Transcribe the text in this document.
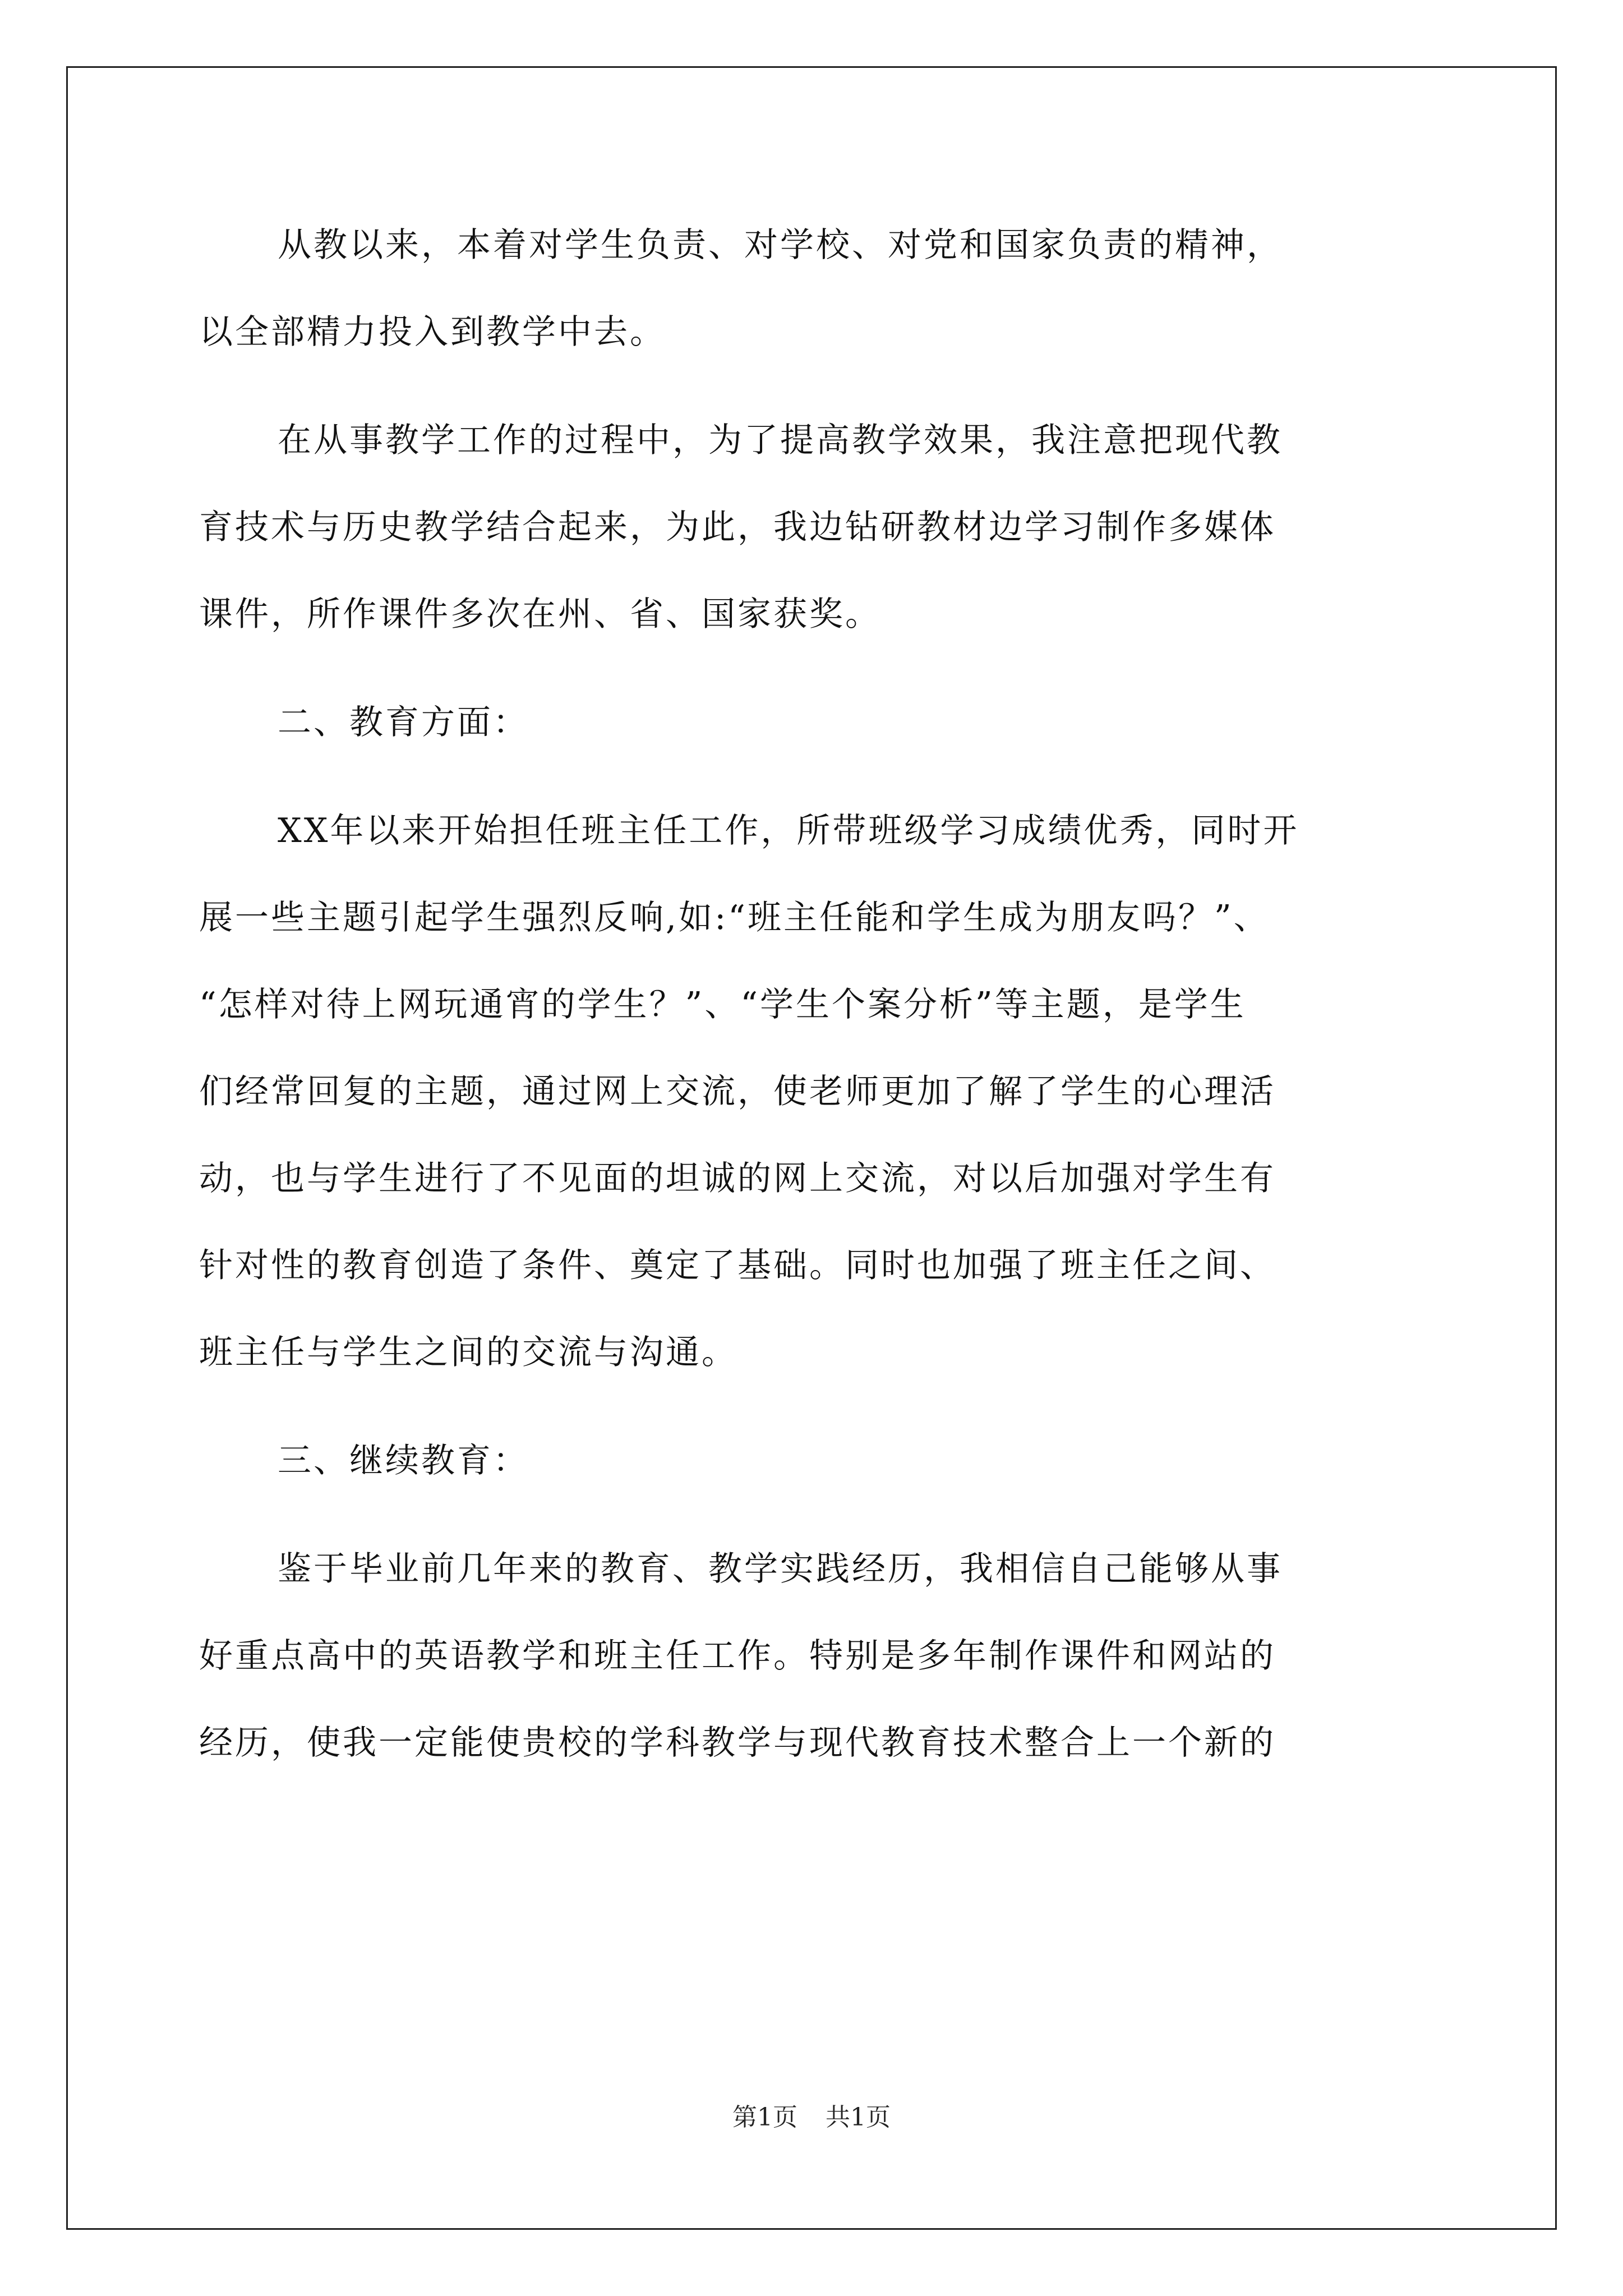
从教以来，本着对学生负责、对学校、对党和国家负责的精神，
以全部精力投入到教学中去。
在从事教学工作的过程中，为了提高教学效果，我注意把现代教
育技术与历史教学结合起来，为此，我边钻研教材边学习制作多媒体
课件，所作课件多次在州、省、国家获奖。
二、教育方面：
XX年以来开始担任班主任工作，所带班级学习成绩优秀，同时开
展一些主题引起学生强烈反响,如:“班主任能和学生成为朋友吗？”、
“怎样对待上网玩通宵的学生？”、“学生个案分析”等主题，是学生
们经常回复的主题，通过网上交流，使老师更加了解了学生的心理活
动，也与学生进行了不见面的坦诚的网上交流，对以后加强对学生有
针对性的教育创造了条件、奠定了基础。同时也加强了班主任之间、
班主任与学生之间的交流与沟通。
三、继续教育：
鉴于毕业前几年来的教育、教学实践经历，我相信自己能够从事
好重点高中的英语教学和班主任工作。特别是多年制作课件和网站的
经历，使我一定能使贵校的学科教学与现代教育技术整合上一个新的
第1页 共1页
